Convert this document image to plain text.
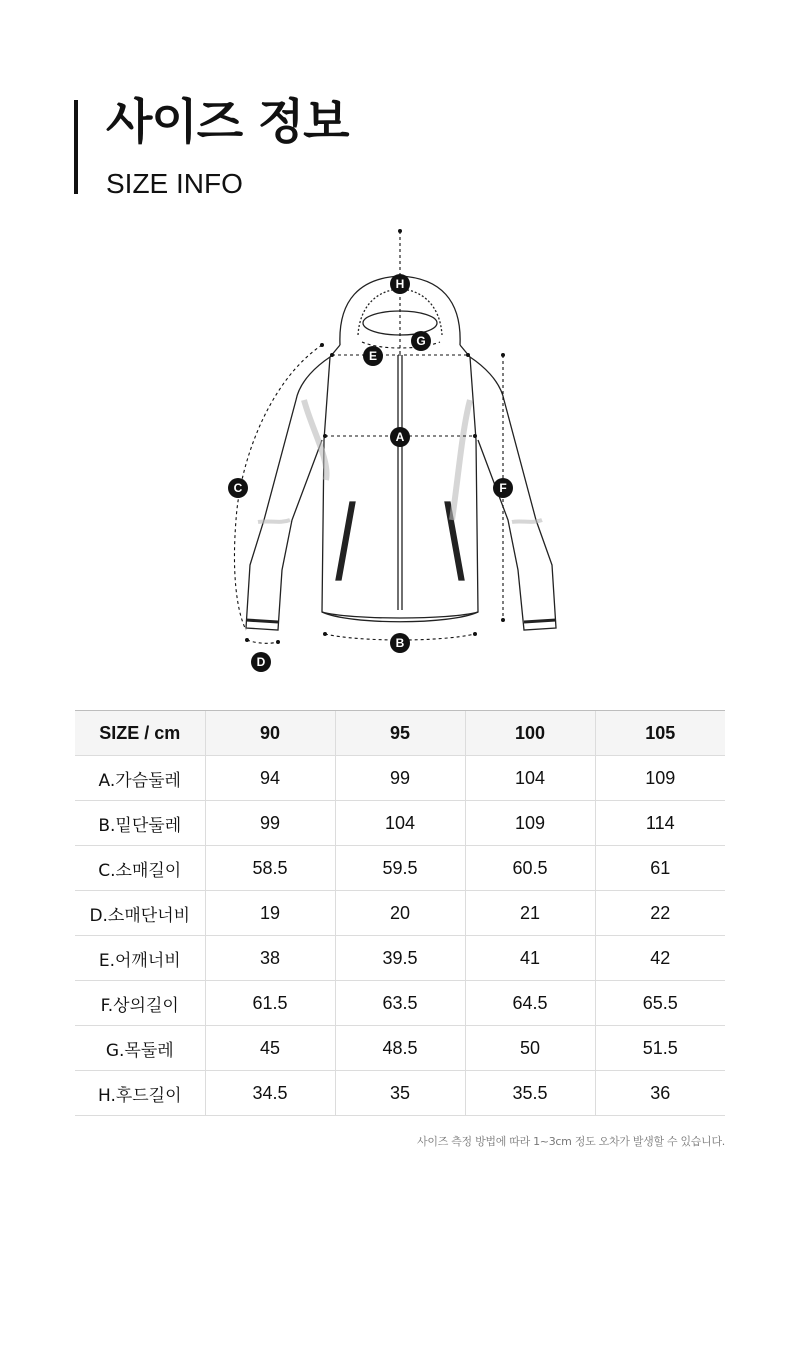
사이즈 정보
SIZE INFO
H
G
E
A
C	F
B
D
SIZE / cm	90	95	100	105
A.가슴둘레	94	99	104	109
B.밑단둘레	99	104	109	114
C.소매길이	58.5	59.5	60.5	61
D.소매단너비	19	20	21	22
E.어깨너비	38	39.5	41	42
F.상의길이	61.5	63.5	64.5	65.5
G.목둘레	45	48.5	50	51.5
H.후드길이	34.5	35	35.5	36
사이즈 측정 방법에 따라 1~3cm 정도 오차가 발생할 수 있습니다.
